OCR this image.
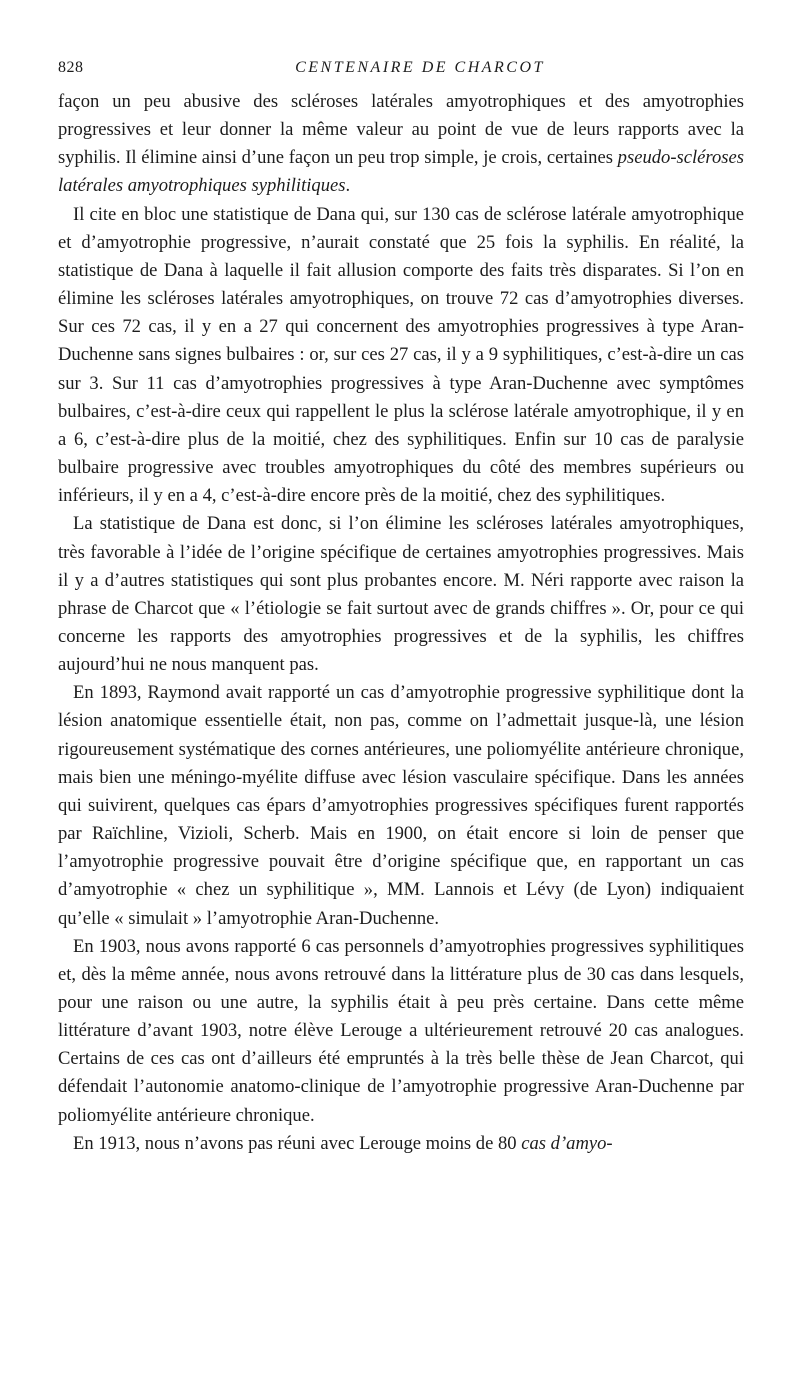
828	CENTENAIRE DE CHARCOT

façon un peu abusive des scléroses latérales amyotrophiques et des amyotrophies progressives et leur donner la même valeur au point de vue de leurs rapports avec la syphilis. Il élimine ainsi d’une façon un peu trop simple, je crois, certaines pseudo-scléroses latérales amyotrophiques syphilitiques.

Il cite en bloc une statistique de Dana qui, sur 130 cas de sclérose latérale amyotrophique et d’amyotrophie progressive, n’aurait constaté que 25 fois la syphilis. En réalité, la statistique de Dana à laquelle il fait allusion comporte des faits très disparates. Si l’on en élimine les scléroses latérales amyotrophiques, on trouve 72 cas d’amyotrophies diverses. Sur ces 72 cas, il y en a 27 qui concernent des amyotrophies progressives à type Aran-Duchenne sans signes bulbaires : or, sur ces 27 cas, il y a 9 syphilitiques, c’est-à-dire un cas sur 3. Sur 11 cas d’amyotrophies progressives à type Aran-Duchenne avec symptômes bulbaires, c’est-à-dire ceux qui rappellent le plus la sclérose latérale amyotrophique, il y en a 6, c’est-à-dire plus de la moitié, chez des syphilitiques. Enfin sur 10 cas de paralysie bulbaire progressive avec troubles amyotrophiques du côté des membres supérieurs ou inférieurs, il y en a 4, c’est-à-dire encore près de la moitié, chez des syphilitiques.

La statistique de Dana est donc, si l’on élimine les scléroses latérales amyotrophiques, très favorable à l’idée de l’origine spécifique de certaines amyotrophies progressives. Mais il y a d’autres statistiques qui sont plus probantes encore. M. Néri rapporte avec raison la phrase de Charcot que « l’étiologie se fait surtout avec de grands chiffres ». Or, pour ce qui concerne les rapports des amyotrophies progressives et de la syphilis, les chiffres aujourd’hui ne nous manquent pas.

En 1893, Raymond avait rapporté un cas d’amyotrophie progressive syphilitique dont la lésion anatomique essentielle était, non pas, comme on l’admettait jusque-là, une lésion rigoureusement systématique des cornes antérieures, une poliomyélite antérieure chronique, mais bien une méningo-myélite diffuse avec lésion vasculaire spécifique. Dans les années qui suivirent, quelques cas épars d’amyotrophies progressives spécifiques furent rapportés par Raïchline, Vizioli, Scherb. Mais en 1900, on était encore si loin de penser que l’amyotrophie progressive pouvait être d’origine spécifique que, en rapportant un cas d’amyotrophie « chez un syphilitique », MM. Lannois et Lévy (de Lyon) indiquaient qu’elle « simulait » l’amyotrophie Aran-Duchenne.

En 1903, nous avons rapporté 6 cas personnels d’amyotrophies progressives syphilitiques et, dès la même année, nous avons retrouvé dans la littérature plus de 30 cas dans lesquels, pour une raison ou une autre, la syphilis était à peu près certaine. Dans cette même littérature d’avant 1903, notre élève Lerouge a ultérieurement retrouvé 20 cas analogues. Certains de ces cas ont d’ailleurs été empruntés à la très belle thèse de Jean Charcot, qui défendait l’autonomie anatomo-clinique de l’amyotrophie progressive Aran-Duchenne par poliomyélite antérieure chronique.

En 1913, nous n’avons pas réuni avec Lerouge moins de 80 cas d’amyo-
